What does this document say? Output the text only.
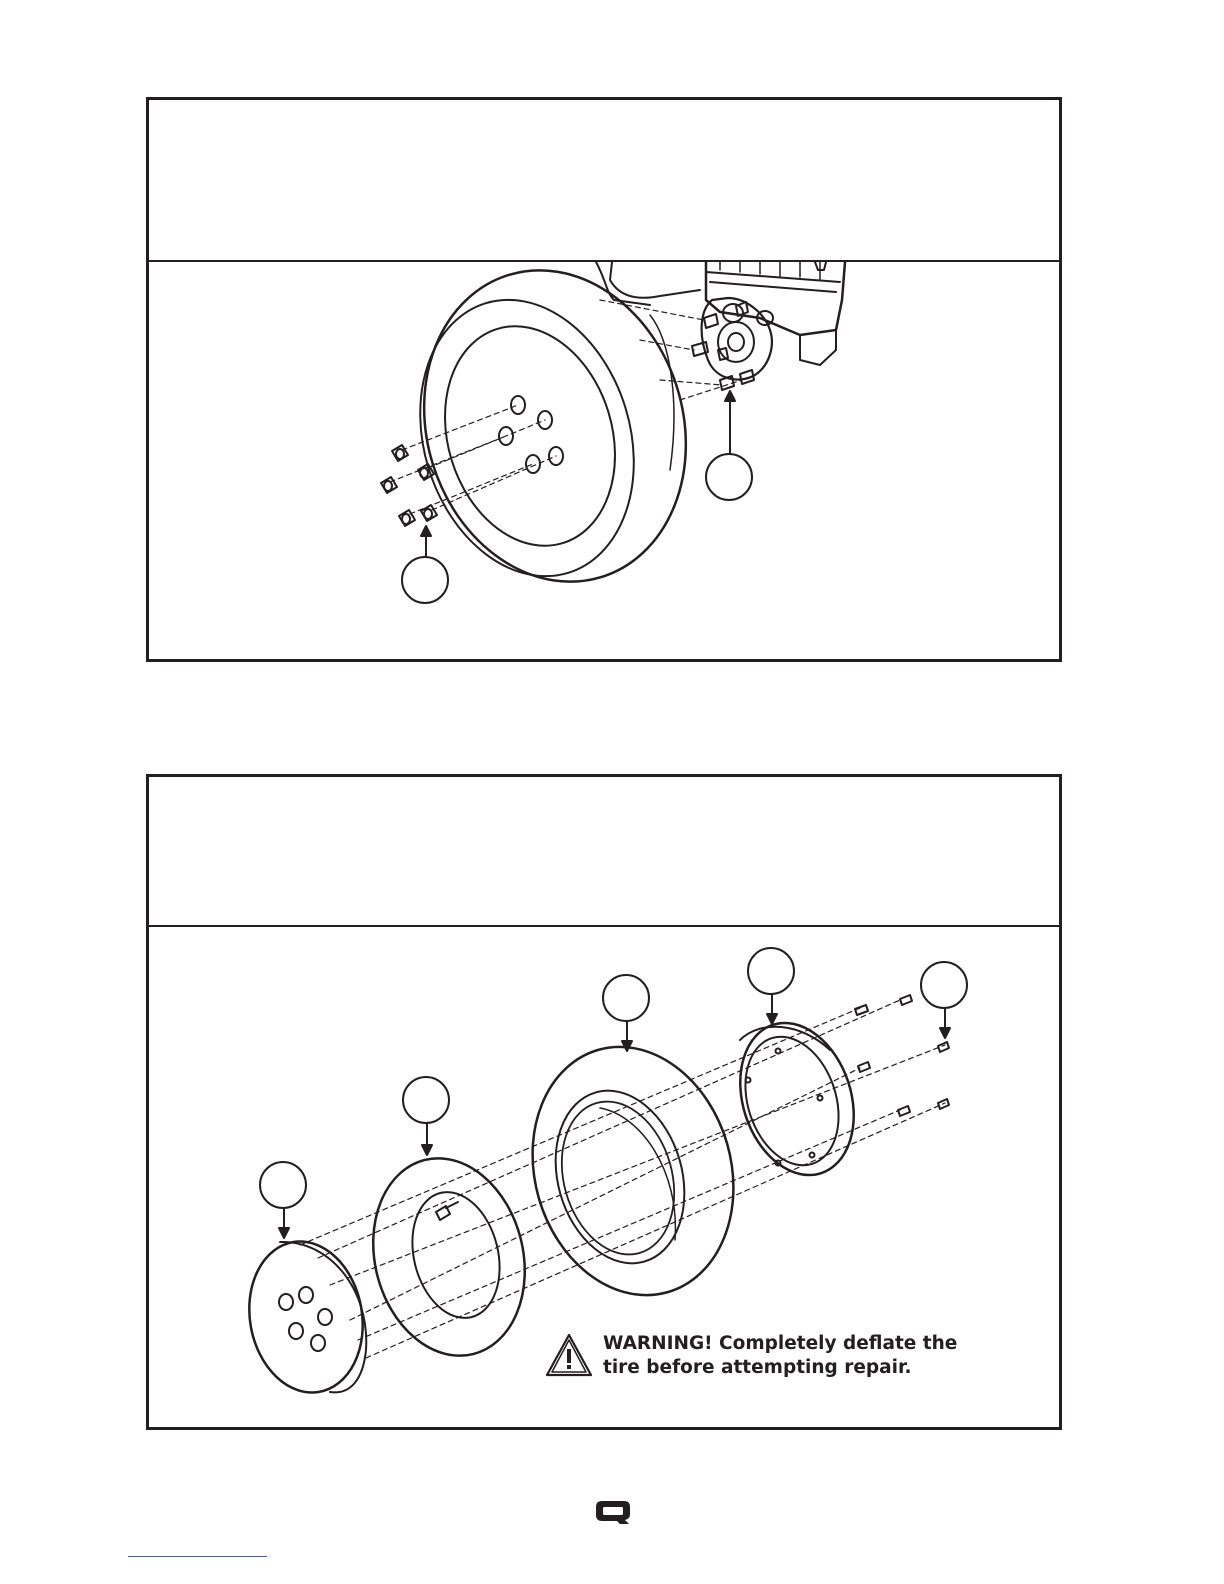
WARNING! Completely deflate the
tire before attempting repair.
